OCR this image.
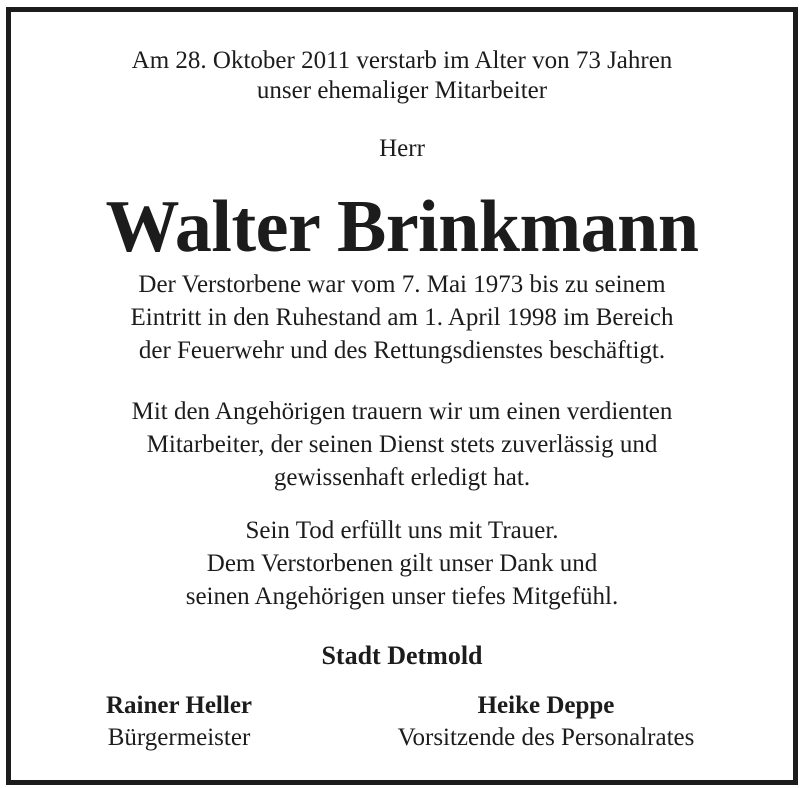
Am 28. Oktober 2011 verstarb im Alter von 73 Jahren
unser ehemaliger Mitarbeiter
Herr
Walter Brinkmann
Der Verstorbene war vom 7. Mai 1973 bis zu seinem
Eintritt in den Ruhestand am 1. April 1998 im Bereich
der Feuerwehr und des Rettungsdienstes beschäftigt.
Mit den Angehörigen trauern wir um einen verdienten
Mitarbeiter, der seinen Dienst stets zuverlässig und
gewissenhaft erledigt hat.
Sein Tod erfüllt uns mit Trauer.
Dem Verstorbenen gilt unser Dank und
seinen Angehörigen unser tiefes Mitgefühl.
Stadt Detmold
Rainer Heller
Bürgermeister
Heike Deppe
Vorsitzende des Personalrates
